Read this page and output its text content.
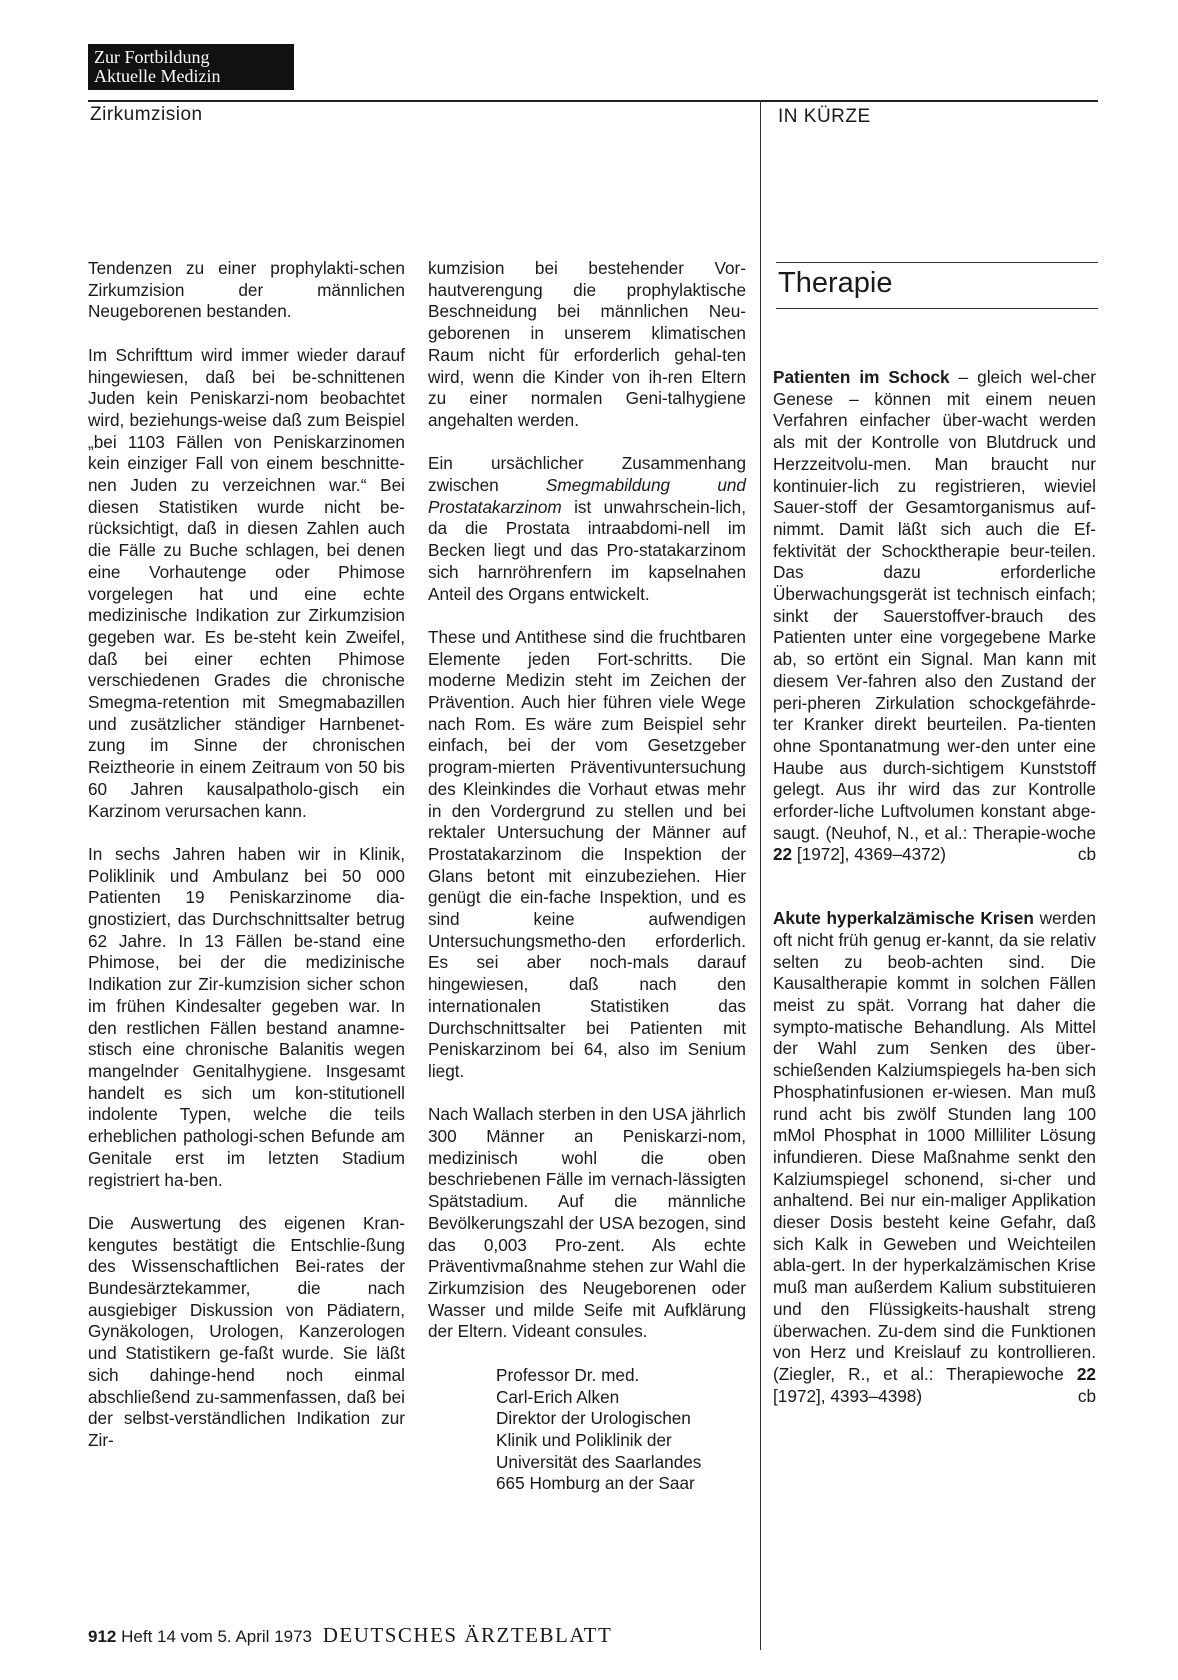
Zur Fortbildung
Aktuelle Medizin
Zirkumzision	IN KÜRZE

Tendenzen zu einer prophylakti-schen Zirkumzision der männlichen Neugeborenen bestanden.

Im Schrifttum wird immer wieder darauf hingewiesen, daß bei be-schnittenen Juden kein Peniskarzi-nom beobachtet wird, beziehungs-weise daß zum Beispiel „bei 1103 Fällen von Peniskarzinomen kein einziger Fall von einem beschnitte-nen Juden zu verzeichnen war.“ Bei diesen Statistiken wurde nicht be-rücksichtigt, daß in diesen Zahlen auch die Fälle zu Buche schlagen, bei denen eine Vorhautenge oder Phimose vorgelegen hat und eine echte medizinische Indikation zur Zirkumzision gegeben war. Es be-steht kein Zweifel, daß bei einer echten Phimose verschiedenen Grades die chronische Smegma-retention mit Smegmabazillen und zusätzlicher ständiger Harnbenet-zung im Sinne der chronischen Reiztheorie in einem Zeitraum von 50 bis 60 Jahren kausalpatholo-gisch ein Karzinom verursachen kann.

In sechs Jahren haben wir in Klinik, Poliklinik und Ambulanz bei 50 000 Patienten 19 Peniskarzinome dia-gnostiziert, das Durchschnittsalter betrug 62 Jahre. In 13 Fällen be-stand eine Phimose, bei der die medizinische Indikation zur Zir-kumzision sicher schon im frühen Kindesalter gegeben war. In den restlichen Fällen bestand anamne-stisch eine chronische Balanitis wegen mangelnder Genitalhygiene. Insgesamt handelt es sich um kon-stitutionell indolente Typen, welche die teils erheblichen pathologi-schen Befunde am Genitale erst im letzten Stadium registriert ha-ben.

Die Auswertung des eigenen Kran-kengutes bestätigt die Entschlie-ßung des Wissenschaftlichen Bei-rates der Bundesärztekammer, die nach ausgiebiger Diskussion von Pädiatern, Gynäkologen, Urologen, Kanzerologen und Statistikern ge-faßt wurde. Sie läßt sich dahinge-hend noch einmal abschließend zu-sammenfassen, daß bei der selbst-verständlichen Indikation zur Zir-

kumzision bei bestehender Vor-hautverengung die prophylaktische Beschneidung bei männlichen Neu-geborenen in unserem klimatischen Raum nicht für erforderlich gehal-ten wird, wenn die Kinder von ih-ren Eltern zu einer normalen Geni-talhygiene angehalten werden.

Ein ursächlicher Zusammenhang zwischen Smegmabildung und Prostatakarzinom ist unwahrschein-lich, da die Prostata intraabdomi-nell im Becken liegt und das Pro-statakarzinom sich harnröhrenfern im kapselnahen Anteil des Organs entwickelt.

These und Antithese sind die fruchtbaren Elemente jeden Fort-schritts. Die moderne Medizin steht im Zeichen der Prävention. Auch hier führen viele Wege nach Rom. Es wäre zum Beispiel sehr einfach, bei der vom Gesetzgeber program-mierten Präventivuntersuchung des Kleinkindes die Vorhaut etwas mehr in den Vordergrund zu stellen und bei rektaler Untersuchung der Männer auf Prostatakarzinom die Inspektion der Glans betont mit einzubeziehen. Hier genügt die ein-fache Inspektion, und es sind keine aufwendigen Untersuchungsmetho-den erforderlich. Es sei aber noch-mals darauf hingewiesen, daß nach den internationalen Statistiken das Durchschnittsalter bei Patienten mit Peniskarzinom bei 64, also im Senium liegt.

Nach Wallach sterben in den USA jährlich 300 Männer an Peniskarzi-nom, medizinisch wohl die oben beschriebenen Fälle im vernach-lässigten Spätstadium. Auf die männliche Bevölkerungszahl der USA bezogen, sind das 0,003 Pro-zent. Als echte Präventivmaßnahme stehen zur Wahl die Zirkumzision des Neugeborenen oder Wasser und milde Seife mit Aufklärung der Eltern. Videant consules.

Professor Dr. med.
Carl-Erich Alken
Direktor der Urologischen
Klinik und Poliklinik der
Universität des Saarlandes
665 Homburg an der Saar
Therapie

Patienten im Schock – gleich wel-cher Genese – können mit einem neuen Verfahren einfacher über-wacht werden als mit der Kontrolle von Blutdruck und Herzzeitvolu-men. Man braucht nur kontinuier-lich zu registrieren, wieviel Sauer-stoff der Gesamtorganismus auf-nimmt. Damit läßt sich auch die Ef-fektivität der Schocktherapie beur-teilen. Das dazu erforderliche Überwachungsgerät ist technisch einfach; sinkt der Sauerstoffver-brauch des Patienten unter eine vorgegebene Marke ab, so ertönt ein Signal. Man kann mit diesem Ver-fahren also den Zustand der peri-pheren Zirkulation schockgefährde-ter Kranker direkt beurteilen. Pa-tienten ohne Spontanatmung wer-den unter eine Haube aus durch-sichtigem Kunststoff gelegt. Aus ihr wird das zur Kontrolle erforder-liche Luftvolumen konstant abge-saugt. (Neuhof, N., et al.: Therapie-woche 22 [1972], 4369–4372)	cb

Akute hyperkalzämische Krisen werden oft nicht früh genug er-kannt, da sie relativ selten zu beob-achten sind. Die Kausaltherapie kommt in solchen Fällen meist zu spät. Vorrang hat daher die sympto-matische Behandlung. Als Mittel der Wahl zum Senken des über-schießenden Kalziumspiegels ha-ben sich Phosphatinfusionen er-wiesen. Man muß rund acht bis zwölf Stunden lang 100 mMol Phosphat in 1000 Milliliter Lösung infundieren. Diese Maßnahme senkt den Kalziumspiegel schonend, si-cher und anhaltend. Bei nur ein-maliger Applikation dieser Dosis besteht keine Gefahr, daß sich Kalk in Geweben und Weichteilen abla-gert. In der hyperkalzämischen Krise muß man außerdem Kalium substituieren und den Flüssigkeits-haushalt streng überwachen. Zu-dem sind die Funktionen von Herz und Kreislauf zu kontrollieren. (Ziegler, R., et al.: Therapiewoche 22 [1972], 4393–4398)	cb

912 Heft 14 vom 5. April 1973 DEUTSCHES ÄRZTEBLATT
